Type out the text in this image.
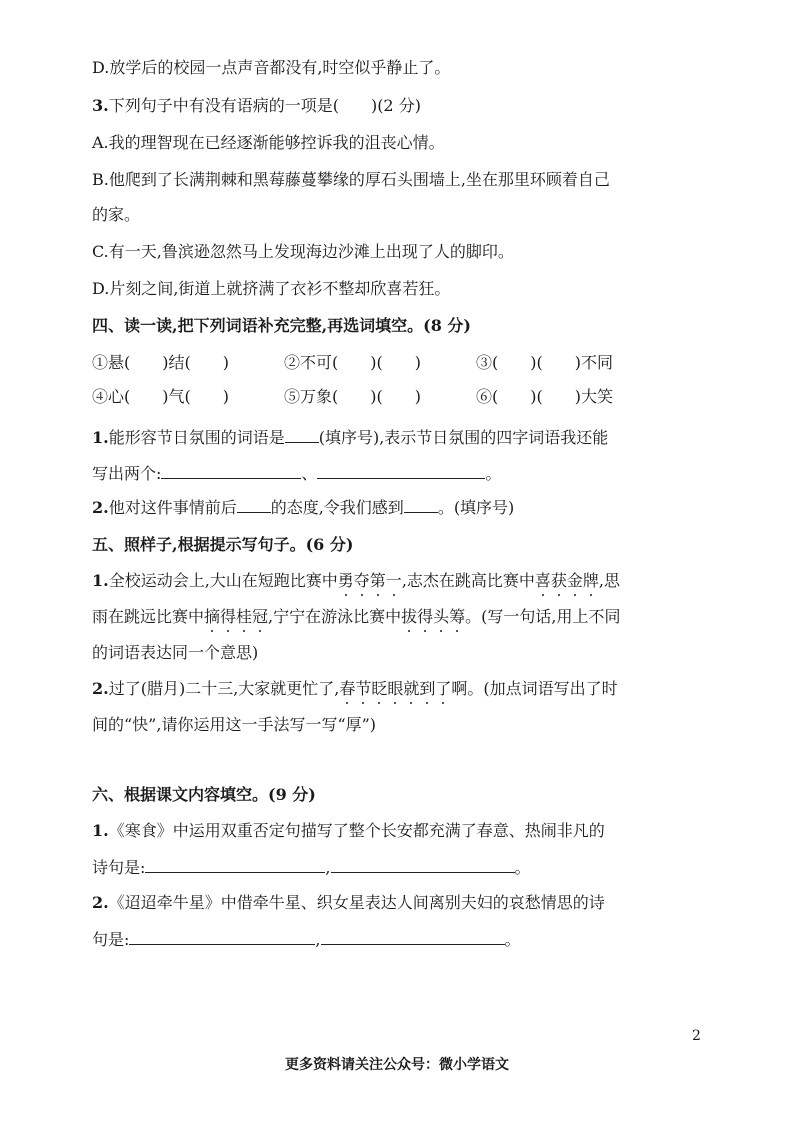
D.放学后的校园一点声音都没有,时空似乎静止了。
3.下列句子中有没有语病的一项是(　　)(2 分)
A.我的理智现在已经逐渐能够控诉我的沮丧心情。
B.他爬到了长满荆棘和黑莓藤蔓攀缘的厚石头围墙上,坐在那里环顾着自己
的家。
C.有一天,鲁滨逊忽然马上发现海边沙滩上出现了人的脚印。
D.片刻之间,街道上就挤满了衣衫不整却欣喜若狂。
四、读一读,把下列词语补充完整,再选词填空。(8 分)
①悬(　　)结(　　)	②不可(　　)(　　)	③(　　)(　　)不同
④心(　　)气(　　)	⑤万象(　　)(　　)	⑥(　　)(　　)大笑
1.能形容节日氛围的词语是 (填序号),表示节日氛围的四字词语我还能
写出两个:	、	。
2.他对这件事情前后 的态度,令我们感到 。(填序号)
五、照样子,根据提示写句子。(6 分)
1.全校运动会上,大山在短跑比赛中勇夺第一
,志杰在跳高比赛中喜获金牌
,思
雨在跳远比赛中摘得桂冠
,宁宁在游泳比赛中拔得头筹
。(写一句话,用上不同
的词语表达同一个意思)
2.过了(腊月)二十三,大家就更忙了,春节眨眼就到了
啊。(加点词语写出了时
间的“快”,请你运用这一手法写一写“厚”)
六、根据课文内容填空。(9 分)
1.《寒食》中运用双重否定句描写了整个长安都充满了春意、热闹非凡的
诗句是:	,	。
2.《迢迢牵牛星》中借牵牛星、织女星表达人间离别夫妇的哀愁情思的诗
句是:	,	。
2
更多资料请关注公众号：微小学语文
